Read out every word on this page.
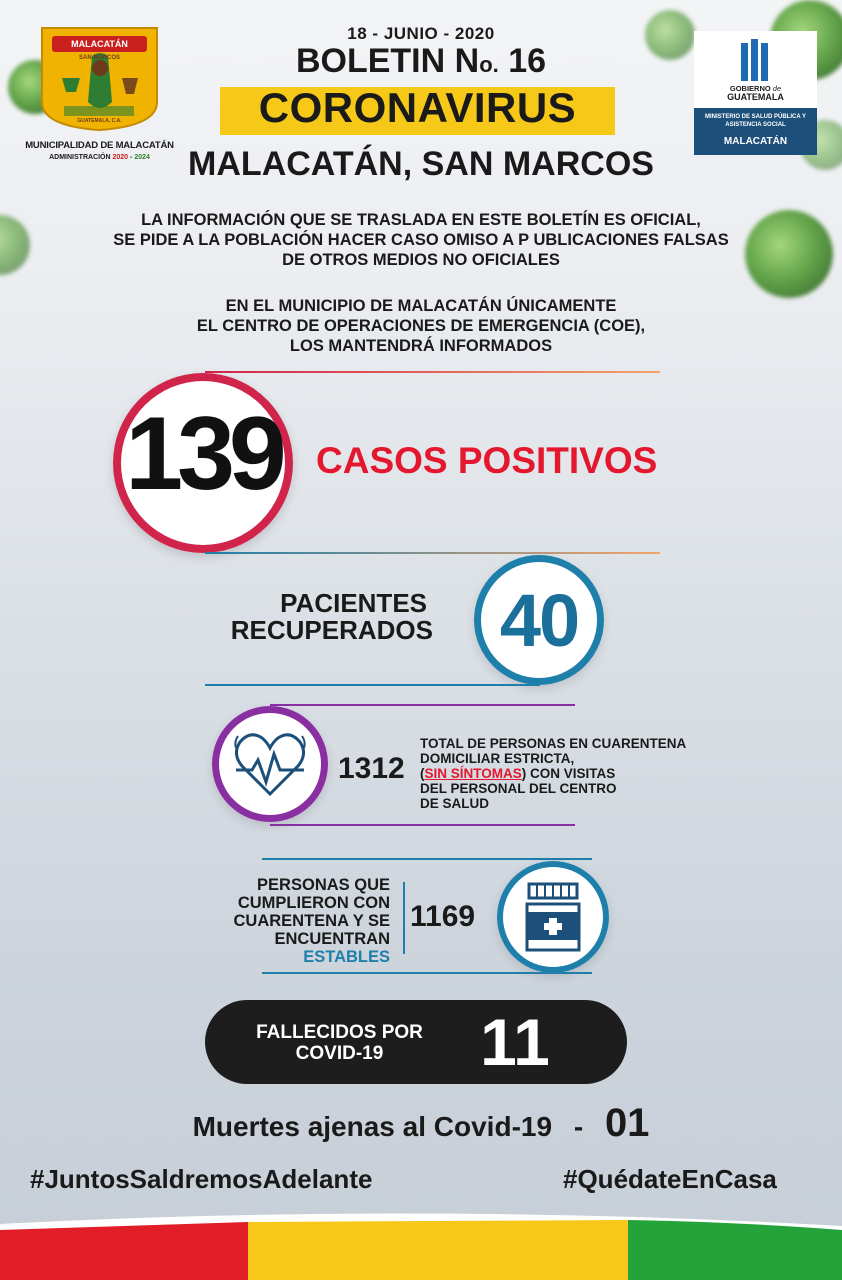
MALACATÁN
SAN MARCOS
GUATEMALA, C.A.
MUNICIPALIDAD DE MALACATÁN
ADMINISTRACIÓN 2020 - 2024
GOBIERNO de
GUATEMALA
MINISTERIO DE SALUD PÚBLICA Y ASISTENCIA SOCIAL
MALACATÁN
18 - JUNIO - 2020
BOLETIN No. 16
CORONAVIRUS
MALACATÁN, SAN MARCOS
LA INFORMACIÓN QUE SE TRASLADA EN ESTE BOLETÍN ES OFICIAL,
SE PIDE A LA POBLACIÓN HACER CASO OMISO A P UBLICACIONES FALSAS
DE OTROS MEDIOS NO OFICIALES
EN EL MUNICIPIO DE MALACATÁN ÚNICAMENTE
EL CENTRO DE OPERACIONES DE EMERGENCIA (COE),
LOS MANTENDRÁ INFORMADOS
139 CASOS POSITIVOS
PACIENTES
RECUPERADOS 40
1312
TOTAL DE PERSONAS EN CUARENTENA
DOMICILIAR ESTRICTA,
(SIN SÍNTOMAS) CON VISITAS
DEL PERSONAL DEL CENTRO
DE SALUD
PERSONAS QUE
CUMPLIERON CON
CUARENTENA Y SE
ENCUENTRAN
ESTABLES
1169
FALLECIDOS POR
COVID-19	11
Muertes ajenas al Covid-19 - 01
#JuntosSaldremosAdelante	#QuédateEnCasa
